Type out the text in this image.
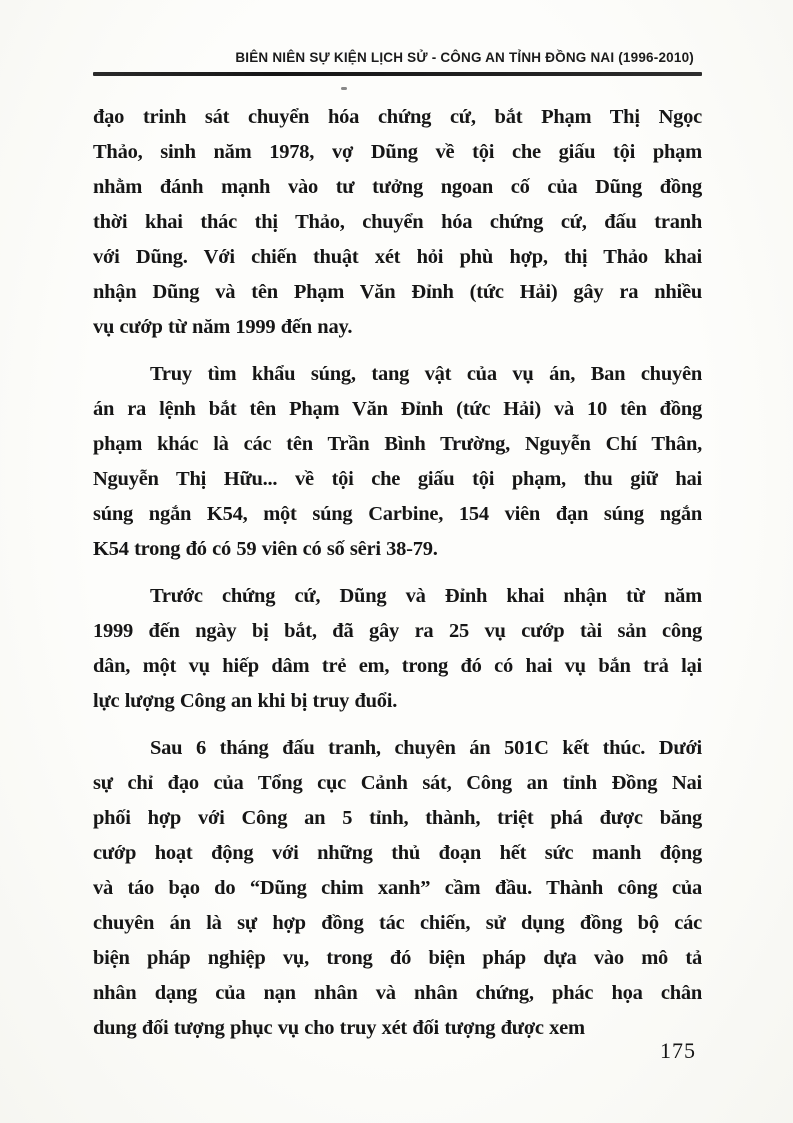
BIÊN NIÊN SỰ KIỆN LỊCH SỬ - CÔNG AN TỈNH ĐỒNG NAI (1996-2010)
đạo trinh sát chuyển hóa chứng cứ, bắt Phạm Thị Ngọc
Thảo, sinh năm 1978, vợ Dũng về tội che giấu tội phạm
nhằm đánh mạnh vào tư tưởng ngoan cố của Dũng đồng
thời khai thác thị Thảo, chuyển hóa chứng cứ, đấu tranh
với Dũng. Với chiến thuật xét hỏi phù hợp, thị Thảo khai
nhận Dũng và tên Phạm Văn Đỉnh (tức Hải) gây ra nhiều
vụ cướp từ năm 1999 đến nay.
Truy tìm khẩu súng, tang vật của vụ án, Ban chuyên
án ra lệnh bắt tên Phạm Văn Đỉnh (tức Hải) và 10 tên đồng
phạm khác là các tên Trần Bình Trường, Nguyễn Chí Thân,
Nguyễn Thị Hữu... về tội che giấu tội phạm, thu giữ hai
súng ngắn K54, một súng Carbine, 154 viên đạn súng ngắn
K54 trong đó có 59 viên có số sêri 38-79.
Trước chứng cứ, Dũng và Đỉnh khai nhận từ năm
1999 đến ngày bị bắt, đã gây ra 25 vụ cướp tài sản công
dân, một vụ hiếp dâm trẻ em, trong đó có hai vụ bắn trả lại
lực lượng Công an khi bị truy đuổi.
Sau 6 tháng đấu tranh, chuyên án 501C kết thúc. Dưới
sự chỉ đạo của Tổng cục Cảnh sát, Công an tỉnh Đồng Nai
phối hợp với Công an 5 tỉnh, thành, triệt phá được băng
cướp hoạt động với những thủ đoạn hết sức manh động
và táo bạo do “Dũng chim xanh” cầm đầu. Thành công của
chuyên án là sự hợp đồng tác chiến, sử dụng đồng bộ các
biện pháp nghiệp vụ, trong đó biện pháp dựa vào mô tả
nhân dạng của nạn nhân và nhân chứng, phác họa chân
dung đối tượng phục vụ cho truy xét đối tượng được xem
175
